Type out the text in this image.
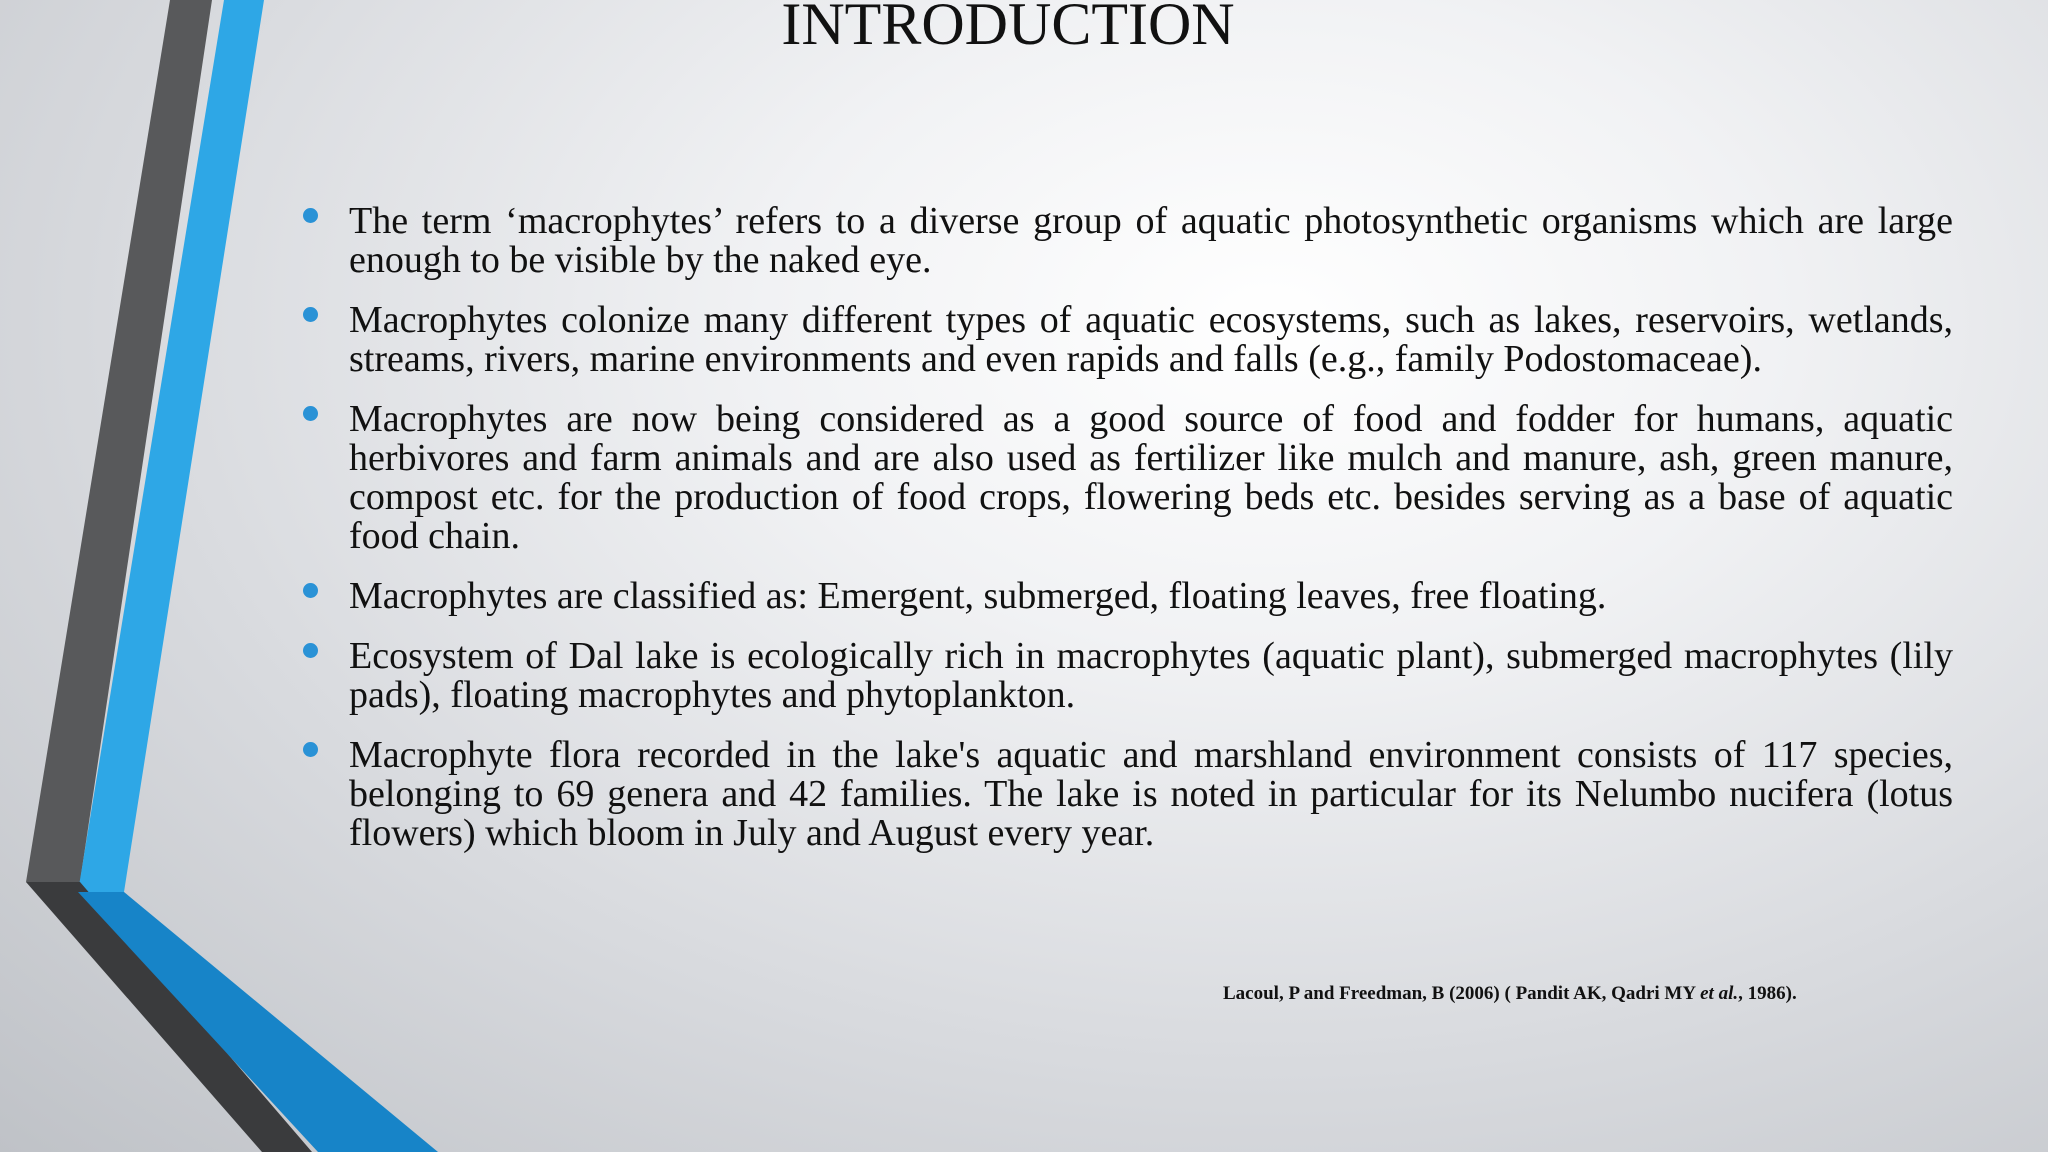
INTRODUCTION
The term ‘macrophytes’ refers to a diverse group of aquatic photosynthetic organisms which are large enough to be visible by the naked eye.
Macrophytes colonize many different types of aquatic ecosystems, such as lakes, reservoirs, wetlands, streams, rivers, marine environments and even rapids and falls (e.g., family Podostomaceae).
Macrophytes are now being considered as a good source of food and fodder for humans, aquatic herbivores and farm animals and are also used as fertilizer like mulch and manure, ash, green manure, compost etc. for the production of food crops, flowering beds etc. besides serving as a base of aquatic food chain.
Macrophytes are classified as: Emergent, submerged, floating leaves, free floating.
Ecosystem of Dal lake is ecologically rich in macrophytes (aquatic plant), submerged macrophytes (lily pads), floating macrophytes and phytoplankton.
Macrophyte flora recorded in the lake's aquatic and marshland environment consists of 117 species, belonging to 69 genera and 42 families. The lake is noted in particular for its Nelumbo nucifera (lotus flowers) which bloom in July and August every year.
Lacoul, P and Freedman, B (2006) ( Pandit AK, Qadri MY et al., 1986).
